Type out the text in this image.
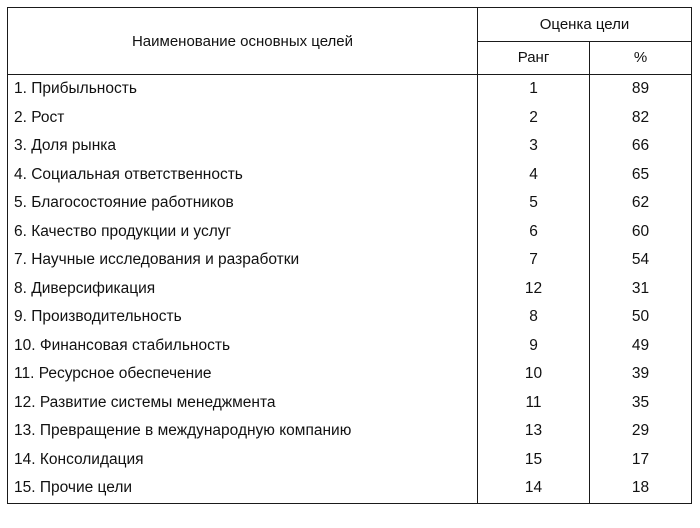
Наименование основных целей	Оценка цели	
	Ранг	%
1. Прибыльность	1	89
2. Рост	2	82
3. Доля рынка	3	66
4. Социальная ответственность	4	65
5. Благосостояние работников	5	62
6. Качество продукции и услуг	6	60
7. Научные исследования и разработки	7	54
8. Диверсификация	12	31
9. Производительность	8	50
10. Финансовая стабильность	9	49
11. Ресурсное обеспечение	10	39
12. Развитие системы менеджмента	11	35
13. Превращение в международную компанию	13	29
14. Консолидация	15	17
15. Прочие цели	14	18
